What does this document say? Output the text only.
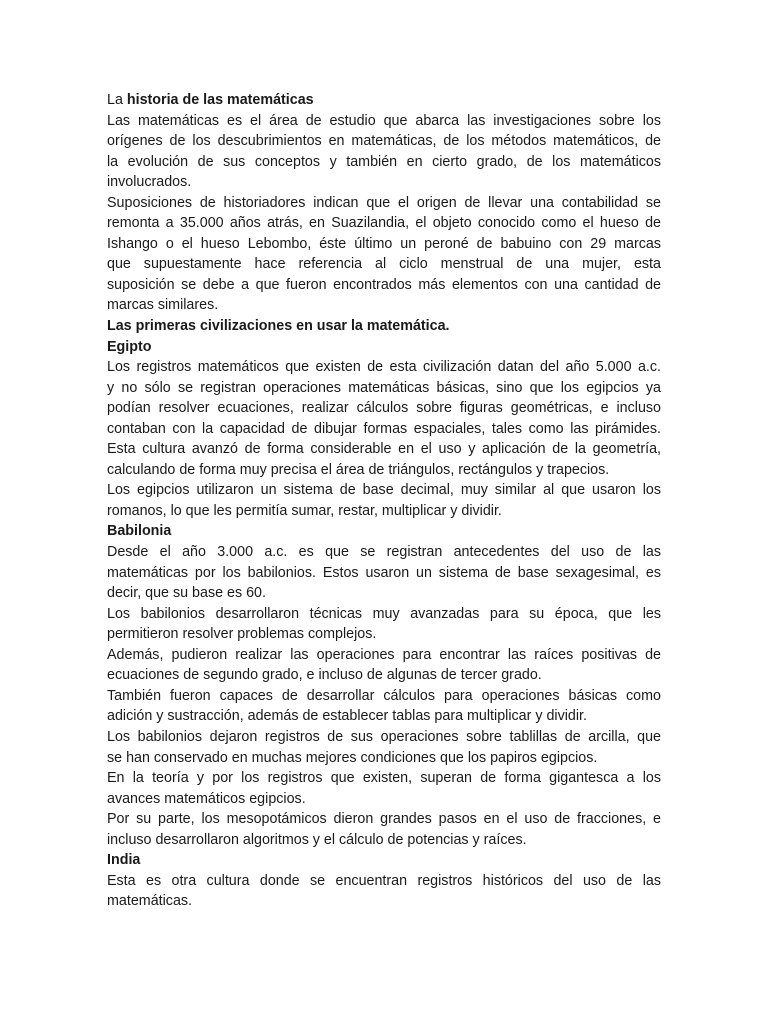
La historia de las matemáticas
Las matemáticas es el área de estudio que abarca las investigaciones sobre los
orígenes de los descubrimientos en matemáticas, de los métodos matemáticos, de
la evolución de sus conceptos y también en cierto grado, de los matemáticos
involucrados.
Suposiciones de historiadores indican que el origen de llevar una contabilidad se
remonta a 35.000 años atrás, en Suazilandia, el objeto conocido como el hueso de
Ishango o el hueso Lebombo, éste último un peroné de babuino con 29 marcas
que supuestamente hace referencia al ciclo menstrual de una mujer, esta
suposición se debe a que fueron encontrados más elementos con una cantidad de
marcas similares.
Las primeras civilizaciones en usar la matemática.
Egipto
Los registros matemáticos que existen de esta civilización datan del año 5.000 a.c.
y no sólo se registran operaciones matemáticas básicas, sino que los egipcios ya
podían resolver ecuaciones, realizar cálculos sobre figuras geométricas, e incluso
contaban con la capacidad de dibujar formas espaciales, tales como las pirámides.
Esta cultura avanzó de forma considerable en el uso y aplicación de la geometría,
calculando de forma muy precisa el área de triángulos, rectángulos y trapecios.
Los egipcios utilizaron un sistema de base decimal, muy similar al que usaron los
romanos, lo que les permitía sumar, restar, multiplicar y dividir.
Babilonia
Desde el año 3.000 a.c. es que se registran antecedentes del uso de las
matemáticas por los babilonios. Estos usaron un sistema de base sexagesimal, es
decir, que su base es 60.
Los babilonios desarrollaron técnicas muy avanzadas para su época, que les
permitieron resolver problemas complejos.
Además, pudieron realizar las operaciones para encontrar las raíces positivas de
ecuaciones de segundo grado, e incluso de algunas de tercer grado.
También fueron capaces de desarrollar cálculos para operaciones básicas como
adición y sustracción, además de establecer tablas para multiplicar y dividir.
Los babilonios dejaron registros de sus operaciones sobre tablillas de arcilla, que
se han conservado en muchas mejores condiciones que los papiros egipcios.
En la teoría y por los registros que existen, superan de forma gigantesca a los
avances matemáticos egipcios.
Por su parte, los mesopotámicos dieron grandes pasos en el uso de fracciones, e
incluso desarrollaron algoritmos y el cálculo de potencias y raíces.
India
Esta es otra cultura donde se encuentran registros históricos del uso de las
matemáticas.
